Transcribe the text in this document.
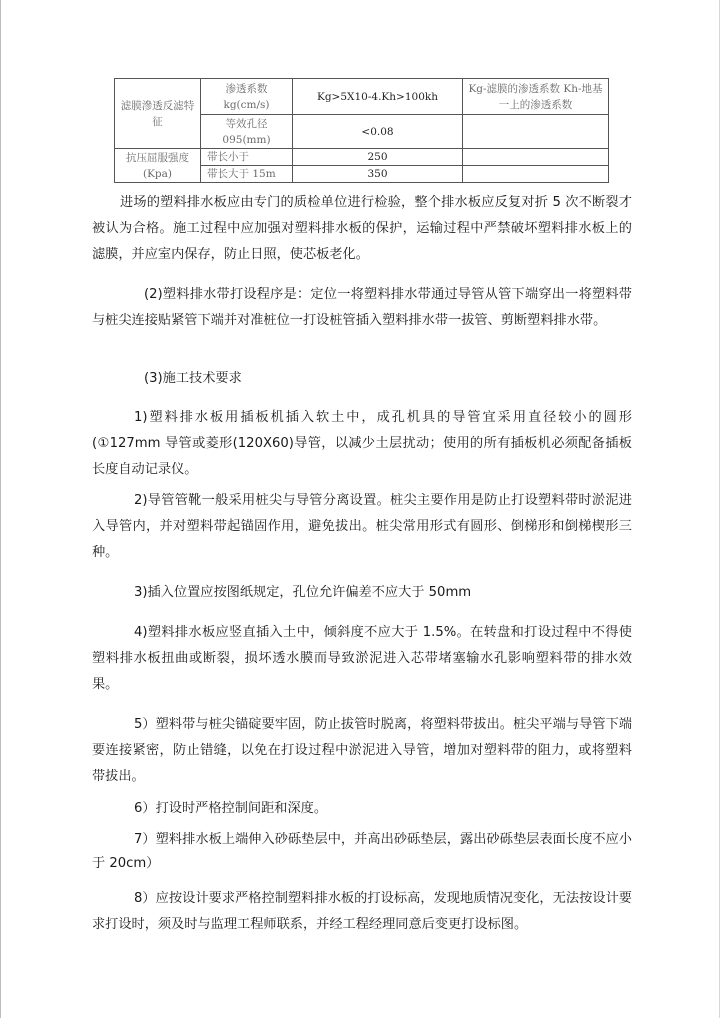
滤膜滲透反滤特征	渗透系数kg(cm/s)	Kg>5X10-4.Kh>100kh	Kg-滤膜的渗透系数 Kh-地基一上的渗透系数
	等效孔径095(mm)	<0.08	
抗压屈服强度(Kpa)	带长小于	250	
	带长大于 15m	350	

进场的塑料排水板应由专门的质检单位进行检验，整个排水板应反复对折 5 次不断裂才被认为合格。施工过程中应加强对塑料排水板的保护，运输过程中严禁破坏塑料排水板上的滤膜，并应室内保存，防止日照，使芯板老化。

(2)塑料排水带打设程序是：定位一将塑料排水带通过导管从管下端穿出一将塑料带与桩尖连接贴紧管下端并对准桩位一打设桩管插入塑料排水带一拔管、剪断塑料排水带。

(3)施工技术要求

1)塑料排水板用插板机插入软土中，成孔机具的导管宜采用直径较小的圆形(①127mm 导管或菱形(120X60)导管，以减少土层扰动；使用的所有插板机必须配备插板长度自动记录仪。

2)导管管靴一般采用桩尖与导管分离设置。桩尖主要作用是防止打设塑料带时淤泥进入导管内，并对塑料带起锚固作用，避免拔出。桩尖常用形式有圆形、倒梯形和倒梯楔形三种。

3)插入位置应按图纸规定，孔位允许偏差不应大于 50mm

4)塑料排水板应竖直插入土中，倾斜度不应大于 1.5%。在转盘和打设过程中不得使塑料排水板扭曲或断裂，损坏透水膜而导致淤泥进入芯带堵塞输水孔影响塑料带的排水效果。

5）塑料带与桩尖锚碇要牢固，防止拔管时脱离，将塑料带拔出。桩尖平端与导管下端要连接紧密，防止错缝，以免在打设过程中淤泥进入导管，增加对塑料带的阻力，或将塑料带拔出。

6）打设时严格控制间距和深度。

7）塑料排水板上端伸入砂砾垫层中，并高出砂砾垫层，露出砂砾垫层表面长度不应小于 20cm）

8）应按设计要求严格控制塑料排水板的打设标高，发现地质情况变化，无法按设计要求打设时，须及时与监理工程师联系，并经工程经理同意后变更打设标图。
